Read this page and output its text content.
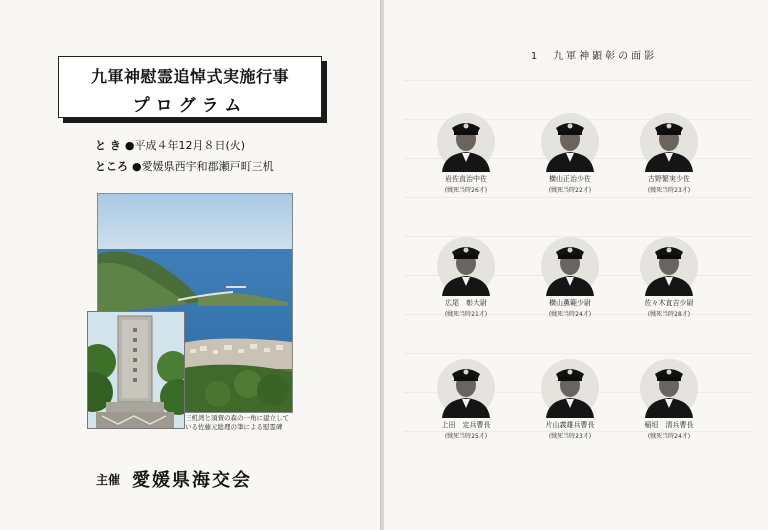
九軍神慰霊追悼式実施行事
プログラム
と き ●平成４年12月８日(火)
ところ ●愛媛県西宇和郡瀬戸町三机
三机湾と須賀の森の一角に建立している佐藤元総理の筆による慰霊碑
主催 愛媛県海交会
1　九軍神顕彰の面影
岩佐直治中佐
(戦死当時26才)
横山正治少佐
(戦死当時22才)
古野繁実少佐
(戦死当時23才)
広尾　彰大尉
(戦死当時21才)
横山薫範少尉
(戦死当時24才)
佐々木直吉少尉
(戦死当時28才)
上田　定兵曹長
(戦死当時25才)
片山義雄兵曹長
(戦死当時23才)
稲垣　清兵曹長
(戦死当時24才)
